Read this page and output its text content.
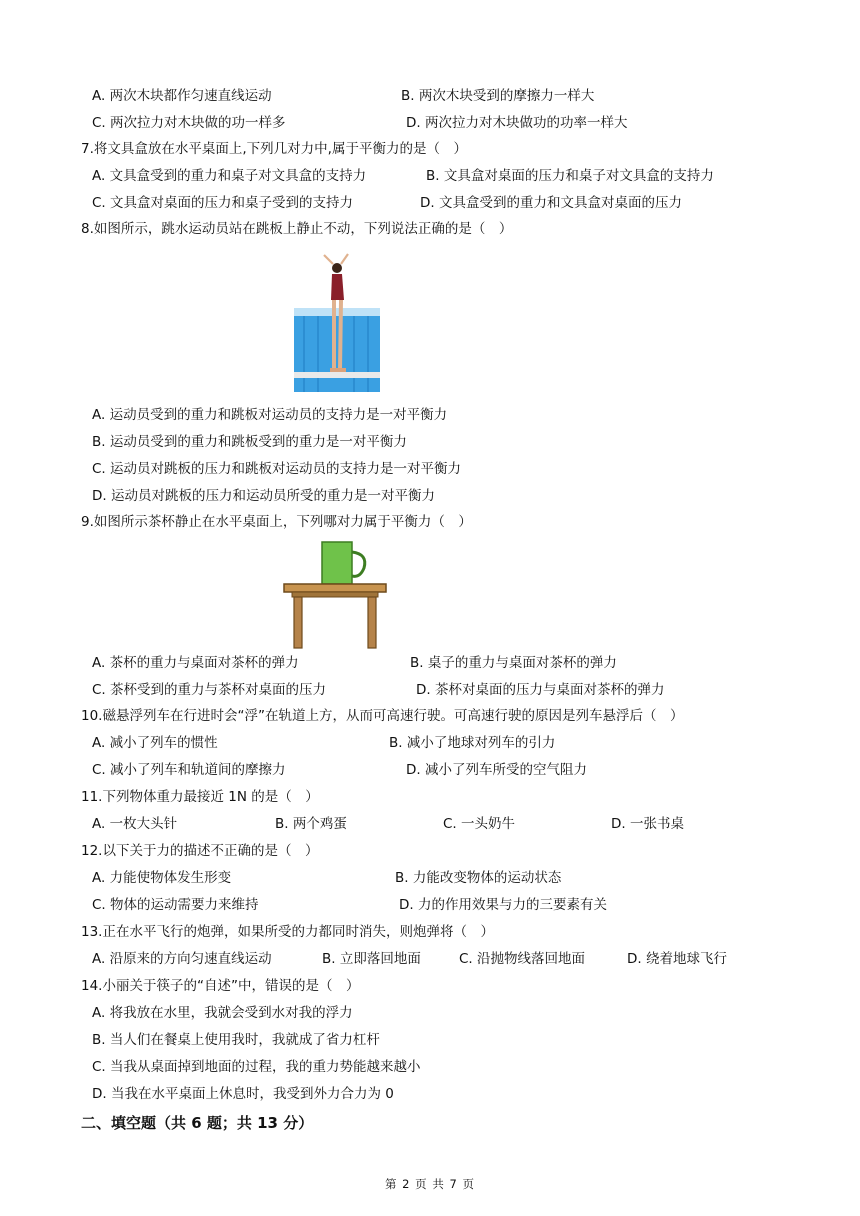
A. 两次木块都作匀速直线运动	B. 两次木块受到的摩擦力一样大
C. 两次拉力对木块做的功一样多	D. 两次拉力对木块做功的功率一样大
7.将文具盒放在水平桌面上,下列几对力中,属于平衡力的是（　）
A. 文具盒受到的重力和桌子对文具盒的支持力	B. 文具盒对桌面的压力和桌子对文具盒的支持力
C. 文具盒对桌面的压力和桌子受到的支持力	D. 文具盒受到的重力和文具盒对桌面的压力
8.如图所示，跳水运动员站在跳板上静止不动，下列说法正确的是（　）
A. 运动员受到的重力和跳板对运动员的支持力是一对平衡力
B. 运动员受到的重力和跳板受到的重力是一对平衡力
C. 运动员对跳板的压力和跳板对运动员的支持力是一对平衡力
D. 运动员对跳板的压力和运动员所受的重力是一对平衡力
9.如图所示茶杯静止在水平桌面上，下列哪对力属于平衡力（　）
A. 茶杯的重力与桌面对茶杯的弹力	B. 桌子的重力与桌面对茶杯的弹力
C. 茶杯受到的重力与茶杯对桌面的压力	D. 茶杯对桌面的压力与桌面对茶杯的弹力
10.磁悬浮列车在行进时会“浮”在轨道上方，从而可高速行驶。可高速行驶的原因是列车悬浮后（　）
A. 减小了列车的惯性	B. 减小了地球对列车的引力
C. 减小了列车和轨道间的摩擦力	D. 减小了列车所受的空气阻力
11.下列物体重力最接近 1N 的是（　）
A. 一枚大头针	B. 两个鸡蛋	C. 一头奶牛	D. 一张书桌
12.以下关于力的描述不正确的是（　）
A. 力能使物体发生形变	B. 力能改变物体的运动状态
C. 物体的运动需要力来维持	D. 力的作用效果与力的三要素有关
13.正在水平飞行的炮弹，如果所受的力都同时消失，则炮弹将（　）
A. 沿原来的方向匀速直线运动	B. 立即落回地面	C. 沿抛物线落回地面	D. 绕着地球飞行
14.小丽关于筷子的“自述”中，错误的是（　）
A. 将我放在水里，我就会受到水对我的浮力
B. 当人们在餐桌上使用我时，我就成了省力杠杆
C. 当我从桌面掉到地面的过程，我的重力势能越来越小
D. 当我在水平桌面上休息时，我受到外力合力为 0
二、填空题（共 6 题；共 13 分）
第 2 页 共 7 页
